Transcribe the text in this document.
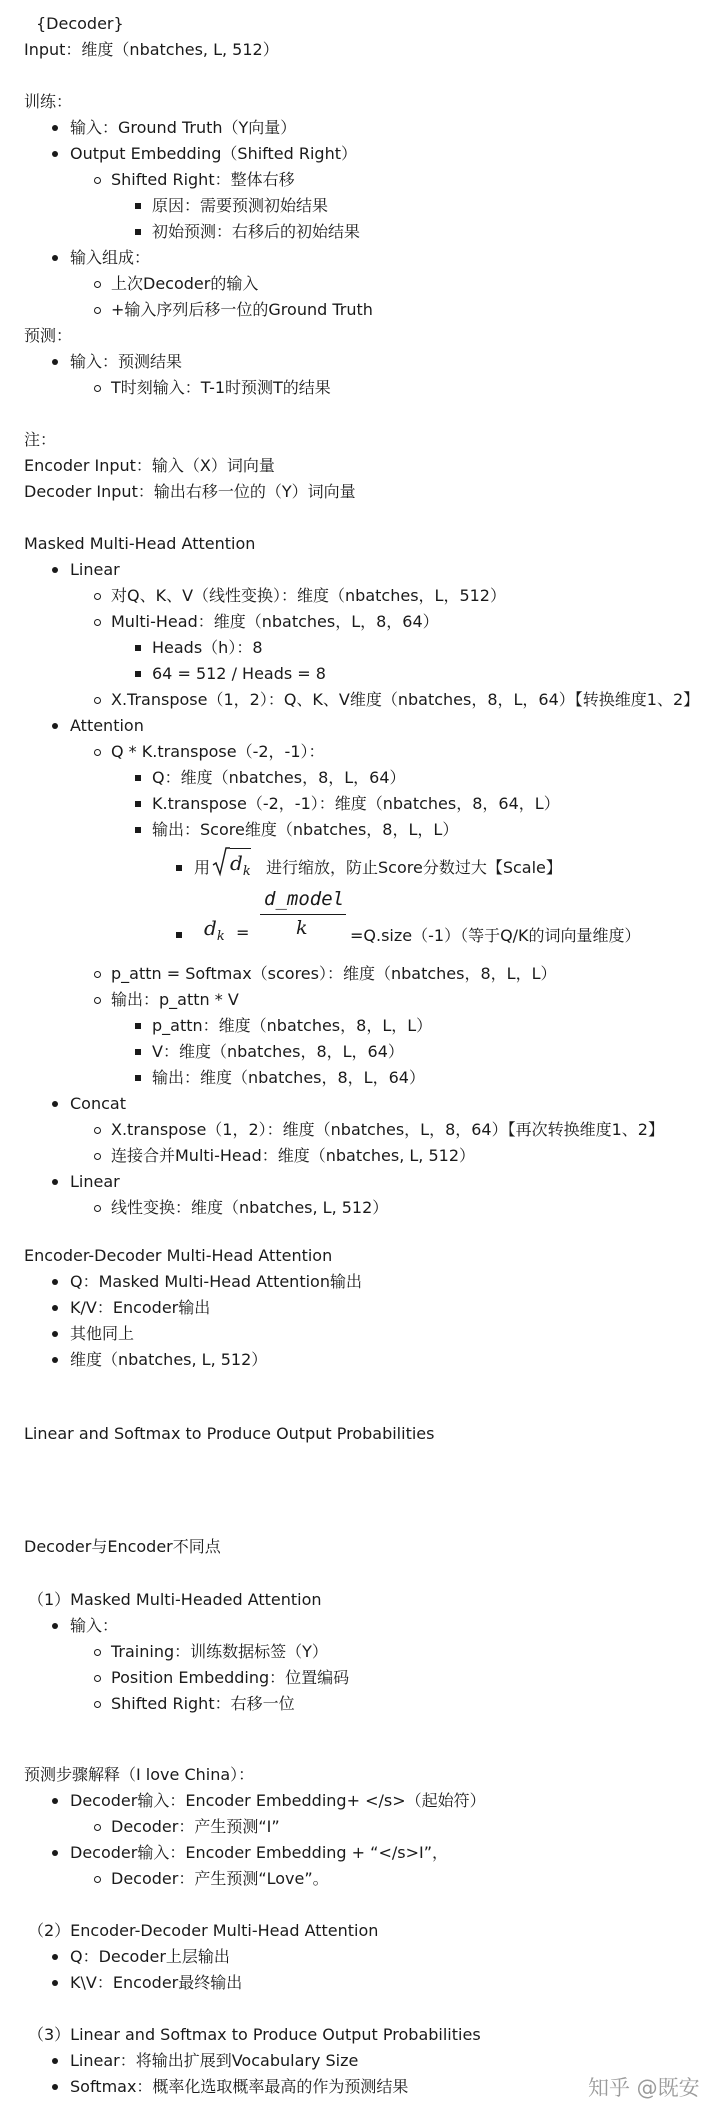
用 $d_k$ 进行缩放，防止Score分数过大【Scale】
$d_k$ =
d_model
k	=Q.size（-1）（等于Q/K的词向量维度）
知乎 @既安
{Decoder}
Input：维度（nbatches, L, 512）
训练：
输入：Ground Truth（Y向量）
Output Embedding（Shifted Right）
Shifted Right：整体右移
原因：需要预测初始结果
初始预测：右移后的初始结果
输入组成：
上次Decoder的输入
+输入序列后移一位的Ground Truth
预测：
输入：预测结果
T时刻输入：T-1时预测T的结果
注：
Encoder Input：输入（X）词向量
Decoder Input：输出右移一位的（Y）词向量
Masked Multi-Head Attention
Linear
对Q、K、V（线性变换）：维度（nbatches，L，512）
Multi-Head：维度（nbatches，L，8，64）
Heads（h）：8
64 = 512 / Heads = 8
X.Transpose（1，2）：Q、K、V维度（nbatches，8，L，64）【转换维度1、2】
Attention
Q * K.transpose（-2，-1）：
Q：维度（nbatches，8，L，64）
K.transpose（-2，-1）：维度（nbatches，8，64，L）
输出：Score维度（nbatches，8，L，L）
p_attn = Softmax（scores）：维度（nbatches，8，L，L）
输出：p_attn * V
p_attn：维度（nbatches，8，L，L）
V：维度（nbatches，8，L，64）
输出：维度（nbatches，8，L，64）
Concat
X.transpose（1，2）：维度（nbatches，L，8，64）【再次转换维度1、2】
连接合并Multi-Head：维度（nbatches, L, 512）
Linear
线性变换：维度（nbatches, L, 512）
Encoder-Decoder Multi-Head Attention
Q：Masked Multi-Head Attention输出
K/V：Encoder输出
其他同上
维度（nbatches, L, 512）
Linear and Softmax to Produce Output Probabilities
Decoder与Encoder不同点
（1）Masked Multi-Headed Attention
输入：
Training：训练数据标签（Y）
Position Embedding：位置编码
Shifted Right：右移一位
预测步骤解释（I love China）：
Decoder输入：Encoder Embedding+ </s>（起始符）
Decoder：产生预测“I”
Decoder输入：Encoder Embedding + “</s>I”，
Decoder：产生预测“Love”。
（2）Encoder-Decoder Multi-Head Attention
Q：Decoder上层输出
K\V：Encoder最终输出
（3）Linear and Softmax to Produce Output Probabilities
Linear：将输出扩展到Vocabulary Size
Softmax：概率化选取概率最高的作为预测结果
